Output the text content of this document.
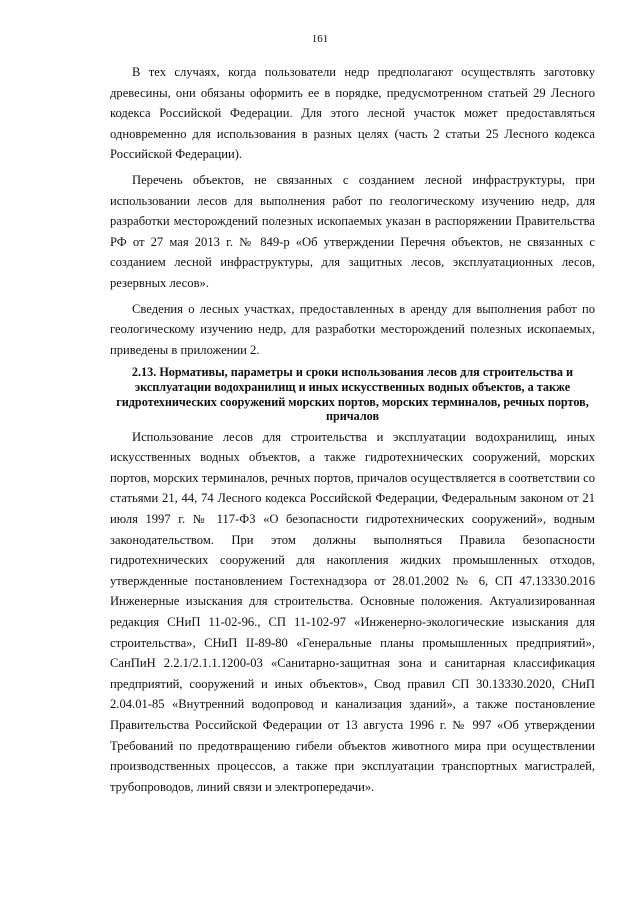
161

В тех случаях, когда пользователи недр предполагают осуществлять заготовку древесины, они обязаны оформить ее в порядке, предусмотренном статьей 29 Лесного кодекса Российской Федерации. Для этого лесной участок может предоставляться одновременно для использования в разных целях (часть 2 статьи 25 Лесного кодекса Российской Федерации).

Перечень объектов, не связанных с созданием лесной инфраструктуры, при использовании лесов для выполнения работ по геологическому изучению недр, для разработки месторождений полезных ископаемых указан в распоряжении Правительства РФ от 27 мая 2013 г. № 849-р «Об утверждении Перечня объектов, не связанных с созданием лесной инфраструктуры, для защитных лесов, эксплуатационных лесов, резервных лесов».

Сведения о лесных участках, предоставленных в аренду для выполнения работ по геологическому изучению недр, для разработки месторождений полезных ископаемых, приведены в приложении 2.

2.13. Нормативы, параметры и сроки использования лесов для строительства и эксплуатации водохранилищ и иных искусственных водных объектов, а также гидротехнических сооружений морских портов, морских терминалов, речных портов, причалов

Использование лесов для строительства и эксплуатации водохранилищ, иных искусственных водных объектов, а также гидротехнических сооружений, морских портов, морских терминалов, речных портов, причалов осуществляется в соответствии со статьями 21, 44, 74 Лесного кодекса Российской Федерации, Федеральным законом от 21 июля 1997 г. № 117-ФЗ «О безопасности гидротехнических сооружений», водным законодательством. При этом должны выполняться Правила безопасности гидротехнических сооружений для накопления жидких промышленных отходов, утвержденные постановлением Гостехнадзора от 28.01.2002 № 6, СП 47.13330.2016 Инженерные изыскания для строительства. Основные положения. Актуализированная редакция СНиП 11-02-96., СП 11-102-97 «Инженерно-экологические изыскания для строительства», СНиП II-89-80 «Генеральные планы промышленных предприятий», СанПиН 2.2.1/2.1.1.1200-03 «Санитарно-защитная зона и санитарная классификация предприятий, сооружений и иных объектов», Свод правил СП 30.13330.2020, СНиП 2.04.01-85 «Внутренний водопровод и канализация зданий», а также постановление Правительства Российской Федерации от 13 августа 1996 г. № 997 «Об утверждении Требований по предотвращению гибели объектов животного мира при осуществлении производственных процессов, а также при эксплуатации транспортных магистралей, трубопроводов, линий связи и электропередачи».
